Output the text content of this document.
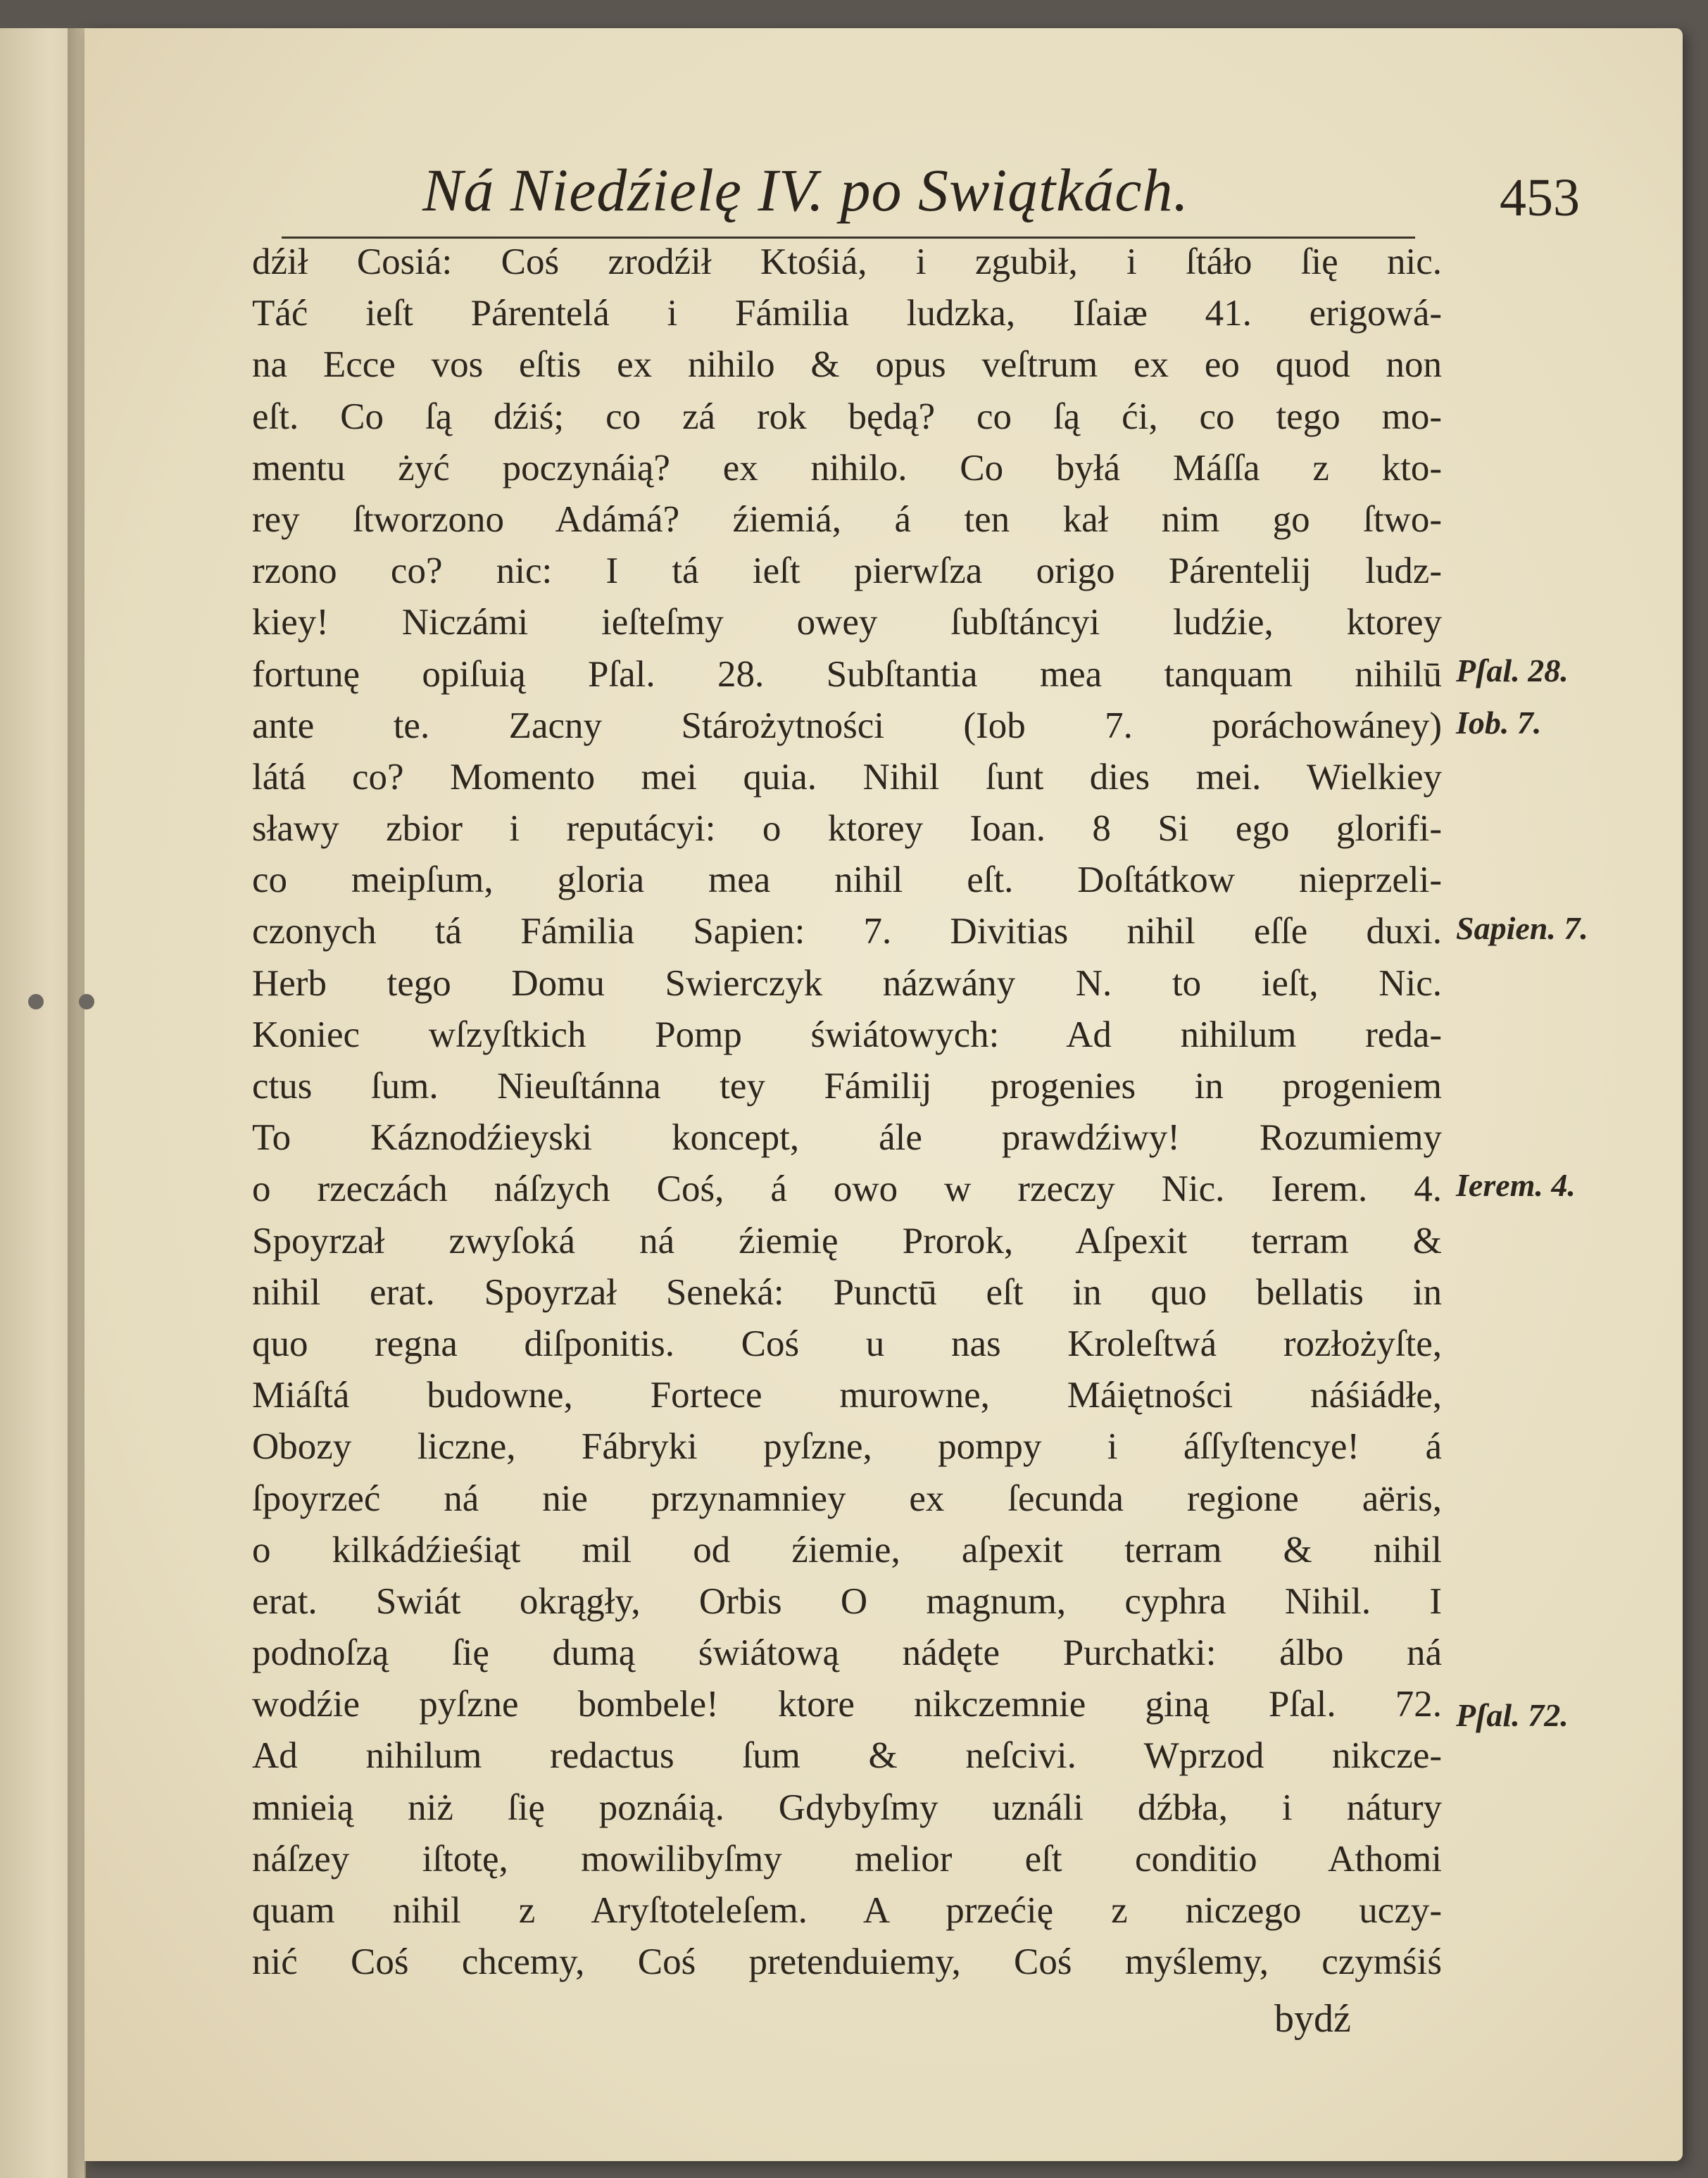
Ná Niedźielę IV. po Swiątkách.	453
dźił Cosiá: Coś zrodźił Ktośiá, i zgubił, i ſtáło ſię nic.
Táć ieſt Párentelá i Fámilia ludzka, Iſaiæ 41. erigowá-
na Ecce vos eſtis ex nihilo & opus veſtrum ex eo quod non
eſt. Co ſą dźiś; co zá rok będą? co ſą ći, co tego mo-
mentu żyć poczynáią? ex nihilo. Co byłá Máſſa z kto-
rey ſtworzono Adámá? źiemiá, á ten kał nim go ſtwo-
rzono co? nic: I tá ieſt pierwſza origo Párentelij ludz-
kiey! Niczámi ieſteſmy owey ſubſtáncyi ludźie, ktorey
fortunę opiſuią Pſal. 28. Subſtantia mea tanquam nihilū
ante te. Zacny Stárożytności (Iob 7. poráchowáney)
látá co? Momento mei quia. Nihil ſunt dies mei. Wielkiey
sławy zbior i reputácyi: o ktorey Ioan. 8 Si ego glorifi-
co meipſum, gloria mea nihil eſt. Doſtátkow nieprzeli-
czonych tá Fámilia Sapien: 7. Divitias nihil eſſe duxi.
Herb tego Domu Swierczyk názwány N. to ieſt, Nic.
Koniec wſzyſtkich Pomp świátowych: Ad nihilum reda-
ctus ſum. Nieuſtánna tey Fámilij progenies in progeniem
To Káznodźieyski koncept, ále prawdźiwy! Rozumiemy
o rzeczách náſzych Coś, á owo w rzeczy Nic. Ierem. 4.
Spoyrzał zwyſoká ná źiemię Prorok, Aſpexit terram &
nihil erat. Spoyrzał Seneká: Punctū eſt in quo bellatis in
quo regna diſponitis. Coś u nas Kroleſtwá rozłożyſte,
Miáſtá budowne, Fortece murowne, Máiętności náśiádłe,
Obozy liczne, Fábryki pyſzne, pompy i áſſyſtencye! á
ſpoyrzeć ná nie przynamniey ex ſecunda regione aëris,
o kilkádźieśiąt mil od źiemie, aſpexit terram & nihil
erat. Swiát okrągły, Orbis O magnum, cyphra Nihil. I
podnoſzą ſię dumą świátową nádęte Purchatki: álbo ná
wodźie pyſzne bombele! ktore nikczemnie giną Pſal. 72.
Ad nihilum redactus ſum & neſcivi. Wprzod nikcze-
mnieią niż ſię poznáią. Gdybyſmy uználi dźbła, i nátury
náſzey iſtotę, mowilibyſmy melior eſt conditio Athomi
quam nihil z Aryſtoteleſem. A przećię z niczego uczy-
nić Coś chcemy, Coś pretenduiemy, Coś myślemy, czymśiś
Pſal. 28.
Iob. 7.
Sapien. 7.
Ierem. 4.
Pſal. 72.
bydź
